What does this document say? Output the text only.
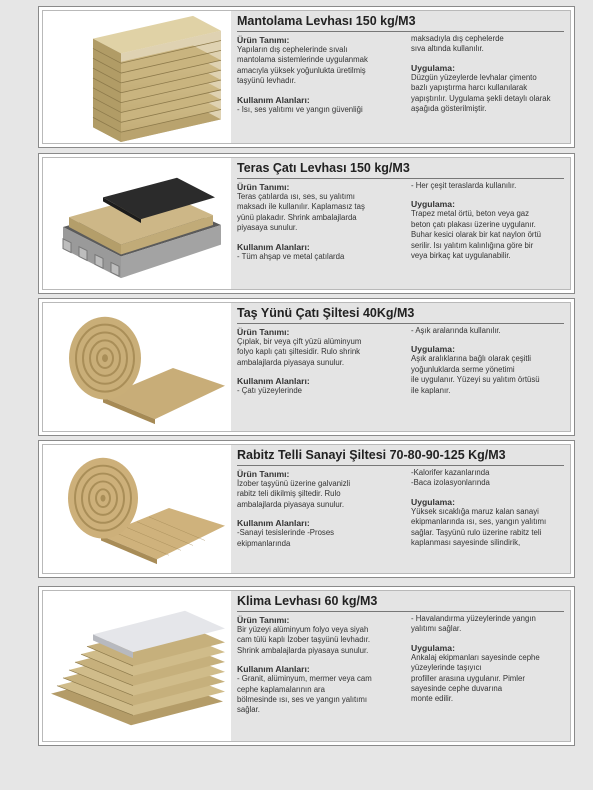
Mantolama Levhası 150 kg/M3
Ürün Tanımı:
Yapıların dış cephelerinde sıvalı
mantolama sistemlerinde uygulanmak
amacıyla yüksek yoğunlukta üretilmiş
taşyünü levhadır.
Kullanım Alanları:
- Isı, ses yalıtımı ve yangın güvenliği
maksadıyla dış cephelerde
sıva altında kullanılır.
Uygulama:
Düzgün yüzeylerde levhalar çimento
bazlı yapıştırma harcı kullanılarak
yapıştırılır. Uygulama şekli detaylı olarak
aşağıda gösterilmiştir.
Teras Çatı Levhası 150 kg/M3
Ürün Tanımı:
Teras çatılarda ısı, ses, su yalıtımı
maksadı ile kullanılır. Kaplamasız taş
yünü plakadır. Shrink ambalajlarda
piyasaya sunulur.
Kullanım Alanları:
- Tüm ahşap ve metal çatılarda
- Her çeşit teraslarda kullanılır.
Uygulama:
Trapez metal örtü, beton veya gaz
beton çatı plakası üzerine uygulanır.
Buhar kesici olarak bir kat naylon örtü
serilir. Isı yalıtım kalınlığına göre bir
veya birkaç kat uygulanabilir.
Taş Yünü Çatı Şiltesi 40Kg/M3
Ürün Tanımı:
Çıplak, bir veya çift yüzü alüminyum
folyo kaplı çatı şiltesidir. Rulo shrink
ambalajlarda piyasaya sunulur.
Kullanım Alanları:
- Çatı yüzeylerinde
- Aşık aralarında kullanılır.
Uygulama:
Aşık aralıklarına bağlı olarak çeşitli
yoğunluklarda serme yönetimi
ile uygulanır. Yüzeyi su yalıtım örtüsü
ile kaplanır.
Rabitz Telli Sanayi Şiltesi 70-80-90-125 Kg/M3
Ürün Tanımı:
İzober taşyünü üzerine galvanizli
rabitz teli dikilmiş şiltedir. Rulo
ambalajlarda piyasaya sunulur.
Kullanım Alanları:
-Sanayi tesislerinde -Proses
ekipmanlarında
-Kalorifer kazanlarında
-Baca izolasyonlarında
Uygulama:
Yüksek sıcaklığa maruz kalan sanayi
ekipmanlarında ısı, ses, yangın yalıtımı
sağlar. Taşyünü rulo üzerine rabitz teli
kaplanması sayesinde silindirik,
Klima Levhası 60 kg/M3
Ürün Tanımı:
Bir yüzeyi alüminyum folyo veya siyah
cam tülü kaplı İzober taşyünü levhadır.
Shrink ambalajlarda piyasaya sunulur.
Kullanım Alanları:
- Granit, alüminyum, mermer veya cam
cephe kaplamalarının ara
bölmesinde ısı, ses ve yangın yalıtımı
sağlar.
- Havalandırma yüzeylerinde yangın
yalıtımı sağlar.
Uygulama:
Ankalaj ekipmanları sayesinde cephe
yüzeylerinde taşıyıcı
profiller arasına uygulanır. Pimler
sayesinde cephe duvarına
monte edilir.
